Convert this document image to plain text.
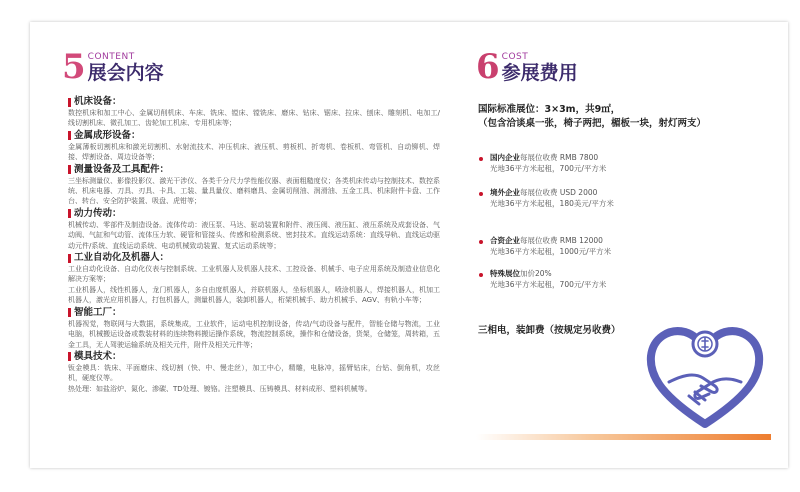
5 CONTENT
展会内容	6 COST
参展费用
机床设备：
数控机床和加工中心、金属切削机床、车床、铣床、镗床、镗铣床、磨床、钻床、锯床、拉床、刨床、雕刻机、电加工/线切割机床、微孔加工、齿轮加工机床、专用机床等；
金属成形设备：
金属薄板切割机床和激光切割机、水射流技术、冲压机床、液压机、剪板机、折弯机、卷板机、弯管机、自动铆机、焊接、焊割设备、周边设备等；
测量设备及工具配件：
三坐标测量仪、影像投影仪、激光干涉仪、各类千分尺力学性能仪器、表面粗糙度仪；各类机床传动与控制技术、数控系统、机床电器、刀具、刃具、卡具、工装、量具量仪、磨料磨具、金属切削油、润滑油、五金工具、机床附件卡盘、工作台、转台、安全防护装置、吸盘、虎钳等；
动力传动：
机械传动、零部件及制造设备。流体传动：液压泵、马达、驱动装置和附件、液压阀、液压缸、液压系统及成套设备、气动阀、气缸和气动管、流体压力软、硬管和管接头、传感和检测系统、密封技术。直线运动系统：直线导轨、直线运动驱动元件/系统、直线运动系统、电动机械致动装置、复式运动系统等；
工业自动化及机器人：
工业自动化设备、自动化仪表与控制系统、工业机器人及机器人技术、工控设备、机械手、电子应用系统及制造业信息化解决方案等；
工业机器人，线性机器人，龙门机器人，多自由度机器人，并联机器人，坐标机器人，喷涂机器人，焊接机器人，机加工机器人，激光应用机器人，打包机器人，测量机器人，装卸机器人，桁架机械手、助力机械手、AGV、有轨小车等；
智能工厂：
机器视觉，物联网与大数据，系统集成，工业软件，运动电机控制设备，传动/气动设备与配件，智能仓储与物流，工业电脑，机械搬运设备或数装材料的连续物料搬运操作系统，物流控制系统，操作和仓储设备，货架，仓储笼，周转箱，五金工具，无人驾驶运输系统及相关元件，附件及相关元件等；
模具技术：
钣金模具：铣床、平面磨床、线切割（快、中、慢走丝），加工中心，精雕，电脉冲，摇臂钻床，台钻、倒角机，攻丝机，硬度仪等。
热处理：如盐浴炉、氮化、渗碳、TD处理、镀铬。注塑模具、压铸模具、材料成形、塑料机械等。
国际标准展位：3×3m，共9㎡，
（包含洽谈桌一张，椅子两把，楣板一块，射灯两支）
国内企业每展位收费 RMB 7800
光地36平方米起租，700元/平方米
境外企业每展位收费 USD 2000
光地36平方米起租，180美元/平方米
合资企业每展位收费 RMB 12000
光地36平方米起租，1000元/平方米
特殊展位加价20%
光地36平方米起租，700元/平方米
三相电，装卸费（按规定另收费）
